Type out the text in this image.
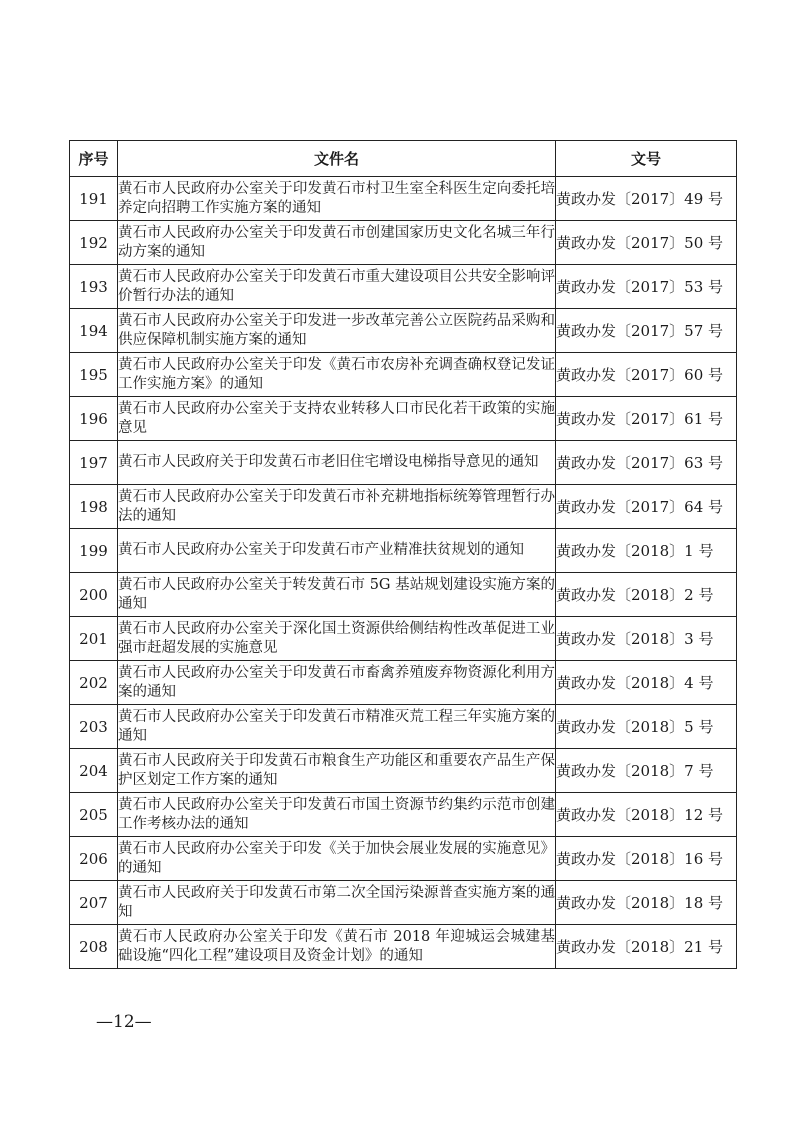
序号	文件名	文号
191	黄石市人民政府办公室关于印发黄石市村卫生室全科医生定向委托培养定向招聘工作实施方案的通知	黄政办发〔2017〕49 号
192	黄石市人民政府办公室关于印发黄石市创建国家历史文化名城三年行动方案的通知	黄政办发〔2017〕50 号
193	黄石市人民政府办公室关于印发黄石市重大建设项目公共安全影响评价暂行办法的通知	黄政办发〔2017〕53 号
194	黄石市人民政府办公室关于印发进一步改革完善公立医院药品采购和供应保障机制实施方案的通知	黄政办发〔2017〕57 号
195	黄石市人民政府办公室关于印发《黄石市农房补充调查确权登记发证工作实施方案》的通知	黄政办发〔2017〕60 号
196	黄石市人民政府办公室关于支持农业转移人口市民化若干政策的实施意见	黄政办发〔2017〕61 号
197	黄石市人民政府关于印发黄石市老旧住宅增设电梯指导意见的通知	黄政办发〔2017〕63 号
198	黄石市人民政府办公室关于印发黄石市补充耕地指标统筹管理暂行办法的通知	黄政办发〔2017〕64 号
199	黄石市人民政府办公室关于印发黄石市产业精准扶贫规划的通知	黄政办发〔2018〕1 号
200	黄石市人民政府办公室关于转发黄石市 5G 基站规划建设实施方案的通知	黄政办发〔2018〕2 号
201	黄石市人民政府办公室关于深化国土资源供给侧结构性改革促进工业强市赶超发展的实施意见	黄政办发〔2018〕3 号
202	黄石市人民政府办公室关于印发黄石市畜禽养殖废弃物资源化利用方案的通知	黄政办发〔2018〕4 号
203	黄石市人民政府办公室关于印发黄石市精准灭荒工程三年实施方案的通知	黄政办发〔2018〕5 号
204	黄石市人民政府关于印发黄石市粮食生产功能区和重要农产品生产保护区划定工作方案的通知	黄政办发〔2018〕7 号
205	黄石市人民政府办公室关于印发黄石市国土资源节约集约示范市创建工作考核办法的通知	黄政办发〔2018〕12 号
206	黄石市人民政府办公室关于印发《关于加快会展业发展的实施意见》的通知	黄政办发〔2018〕16 号
207	黄石市人民政府关于印发黄石市第二次全国污染源普查实施方案的通知	黄政办发〔2018〕18 号
208	黄石市人民政府办公室关于印发《黄石市 2018 年迎城运会城建基础设施“四化工程”建设项目及资金计划》的通知	黄政办发〔2018〕21 号
—12—
